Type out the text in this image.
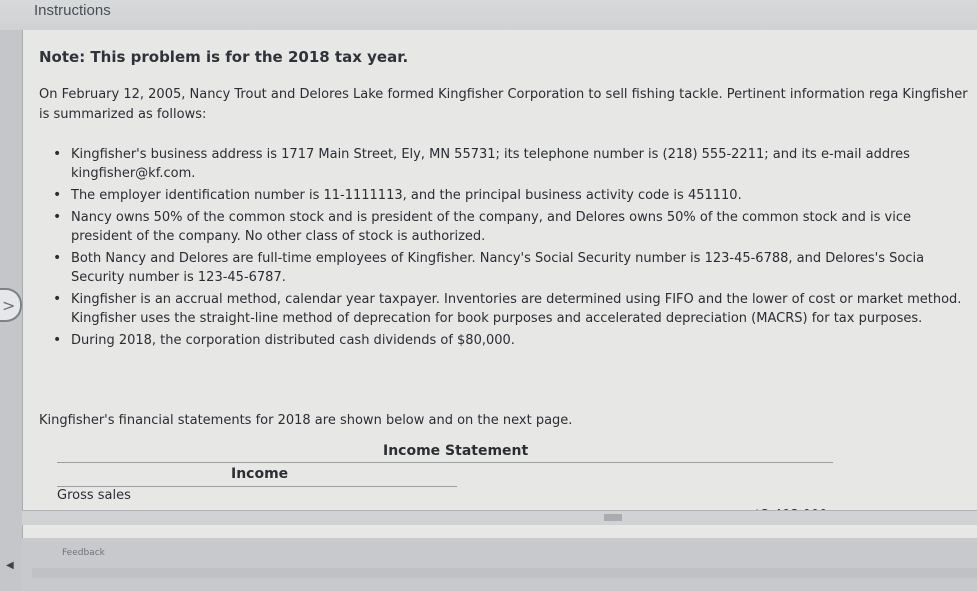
Instructions
>
Note: This problem is for the 2018 tax year.
On February 12, 2005, Nancy Trout and Delores Lake formed Kingfisher Corporation to sell fishing tackle. Pertinent information rega Kingfisher is summarized as follows:
• Kingfisher's business address is 1717 Main Street, Ely, MN 55731; its telephone number is (218) 555-2211; and its e-mail addres kingfisher@kf.com.
• The employer identification number is 11-1111113, and the principal business activity code is 451110.
• Nancy owns 50% of the common stock and is president of the company, and Delores owns 50% of the common stock and is vice president of the company. No other class of stock is authorized.
• Both Nancy and Delores are full-time employees of Kingfisher. Nancy's Social Security number is 123-45-6788, and Delores's Socia Security number is 123-45-6787.
• Kingfisher is an accrual method, calendar year taxpayer. Inventories are determined using FIFO and the lower of cost or market method. Kingfisher uses the straight-line method of deprecation for book purposes and accelerated depreciation (MACRS) for tax purposes.
• During 2018, the corporation distributed cash dividends of $80,000.
Kingfisher's financial statements for 2018 are shown below and on the next page.
Income Statement
Income
Gross sales
◀
Feedback
